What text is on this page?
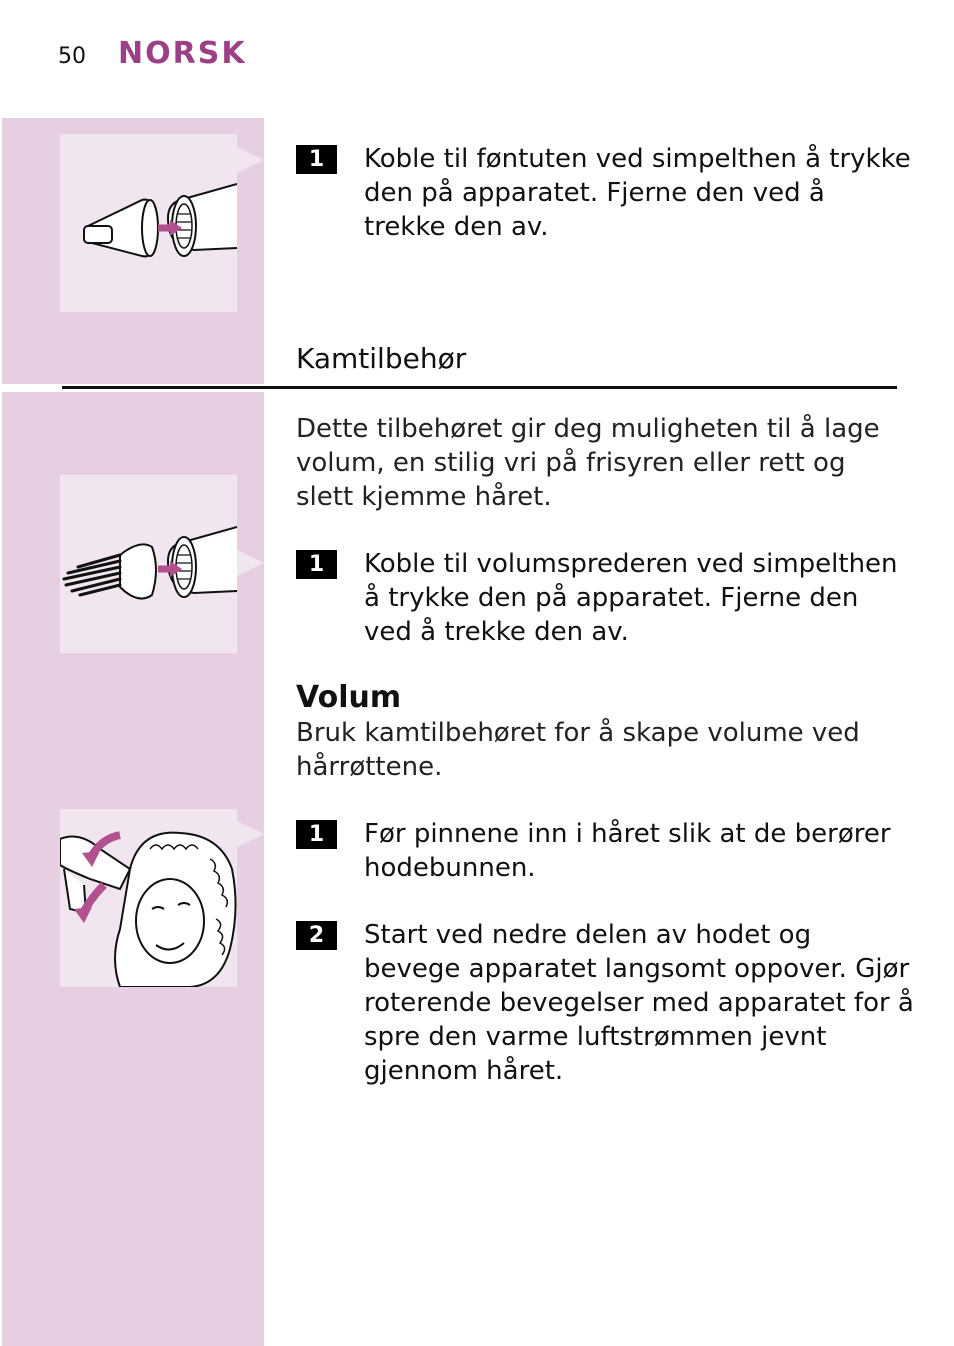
50 NORSK
1	Koble til føntuten ved simpelthen å trykke den på apparatet. Fjerne den ved å trekke den av.
Kamtilbehør
Dette tilbehøret gir deg muligheten til å lage volum, en stilig vri på frisyren eller rett og slett kjemme håret.
1	Koble til volumsprederen ved simpelthen å trykke den på apparatet. Fjerne den ved å trekke den av.
Volum
Bruk kamtilbehøret for å skape volume ved hårrøttene.
1	Før pinnene inn i håret slik at de berører hodebunnen.
2	Start ved nedre delen av hodet og bevege apparatet langsomt oppover. Gjør roterende bevegelser med apparatet for å spre den varme luftstrømmen jevnt gjennom håret.
